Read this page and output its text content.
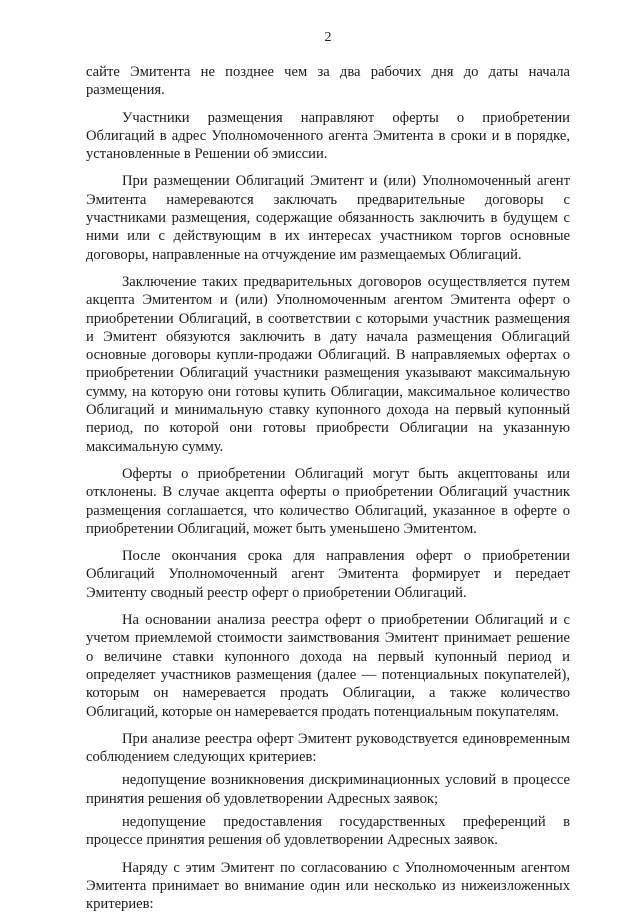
2

сайте Эмитента не позднее чем за два рабочих дня до даты начала размещения.

Участники размещения направляют оферты о приобретении Облигаций в адрес Уполномоченного агента Эмитента в сроки и в порядке, установленные в Решении об эмиссии.

При размещении Облигаций Эмитент и (или) Уполномоченный агент Эмитента намереваются заключать предварительные договоры с участниками размещения, содержащие обязанность заключить в будущем с ними или с действующим в их интересах участником торгов основные договоры, направленные на отчуждение им размещаемых Облигаций.

Заключение таких предварительных договоров осуществляется путем акцепта Эмитентом и (или) Уполномоченным агентом Эмитента оферт о приобретении Облигаций, в соответствии с которыми участник размещения и Эмитент обязуются заключить в дату начала размещения Облигаций основные договоры купли-продажи Облигаций. В направляемых офертах о приобретении Облигаций участники размещения указывают максимальную сумму, на которую они готовы купить Облигации, максимальное количество Облигаций и минимальную ставку купонного дохода на первый купонный период, по которой они готовы приобрести Облигации на указанную максимальную сумму.

Оферты о приобретении Облигаций могут быть акцептованы или отклонены. В случае акцепта оферты о приобретении Облигаций участник размещения соглашается, что количество Облигаций, указанное в оферте о приобретении Облигаций, может быть уменьшено Эмитентом.

После окончания срока для направления оферт о приобретении Облигаций Уполномоченный агент Эмитента формирует и передает Эмитенту сводный реестр оферт о приобретении Облигаций.

На основании анализа реестра оферт о приобретении Облигаций и с учетом приемлемой стоимости заимствования Эмитент принимает решение о величине ставки купонного дохода на первый купонный период и определяет участников размещения (далее — потенциальных покупателей), которым он намеревается продать Облигации, а также количество Облигаций, которые он намеревается продать потенциальным покупателям.

При анализе реестра оферт Эмитент руководствуется единовременным соблюдением следующих критериев:

недопущение возникновения дискриминационных условий в процессе принятия решения об удовлетворении Адресных заявок;

недопущение предоставления государственных преференций в процессе принятия решения об удовлетворении Адресных заявок.

Наряду с этим Эмитент по согласованию с Уполномоченным агентом Эмитента принимает во внимание один или несколько из нижеизложенных критериев:
